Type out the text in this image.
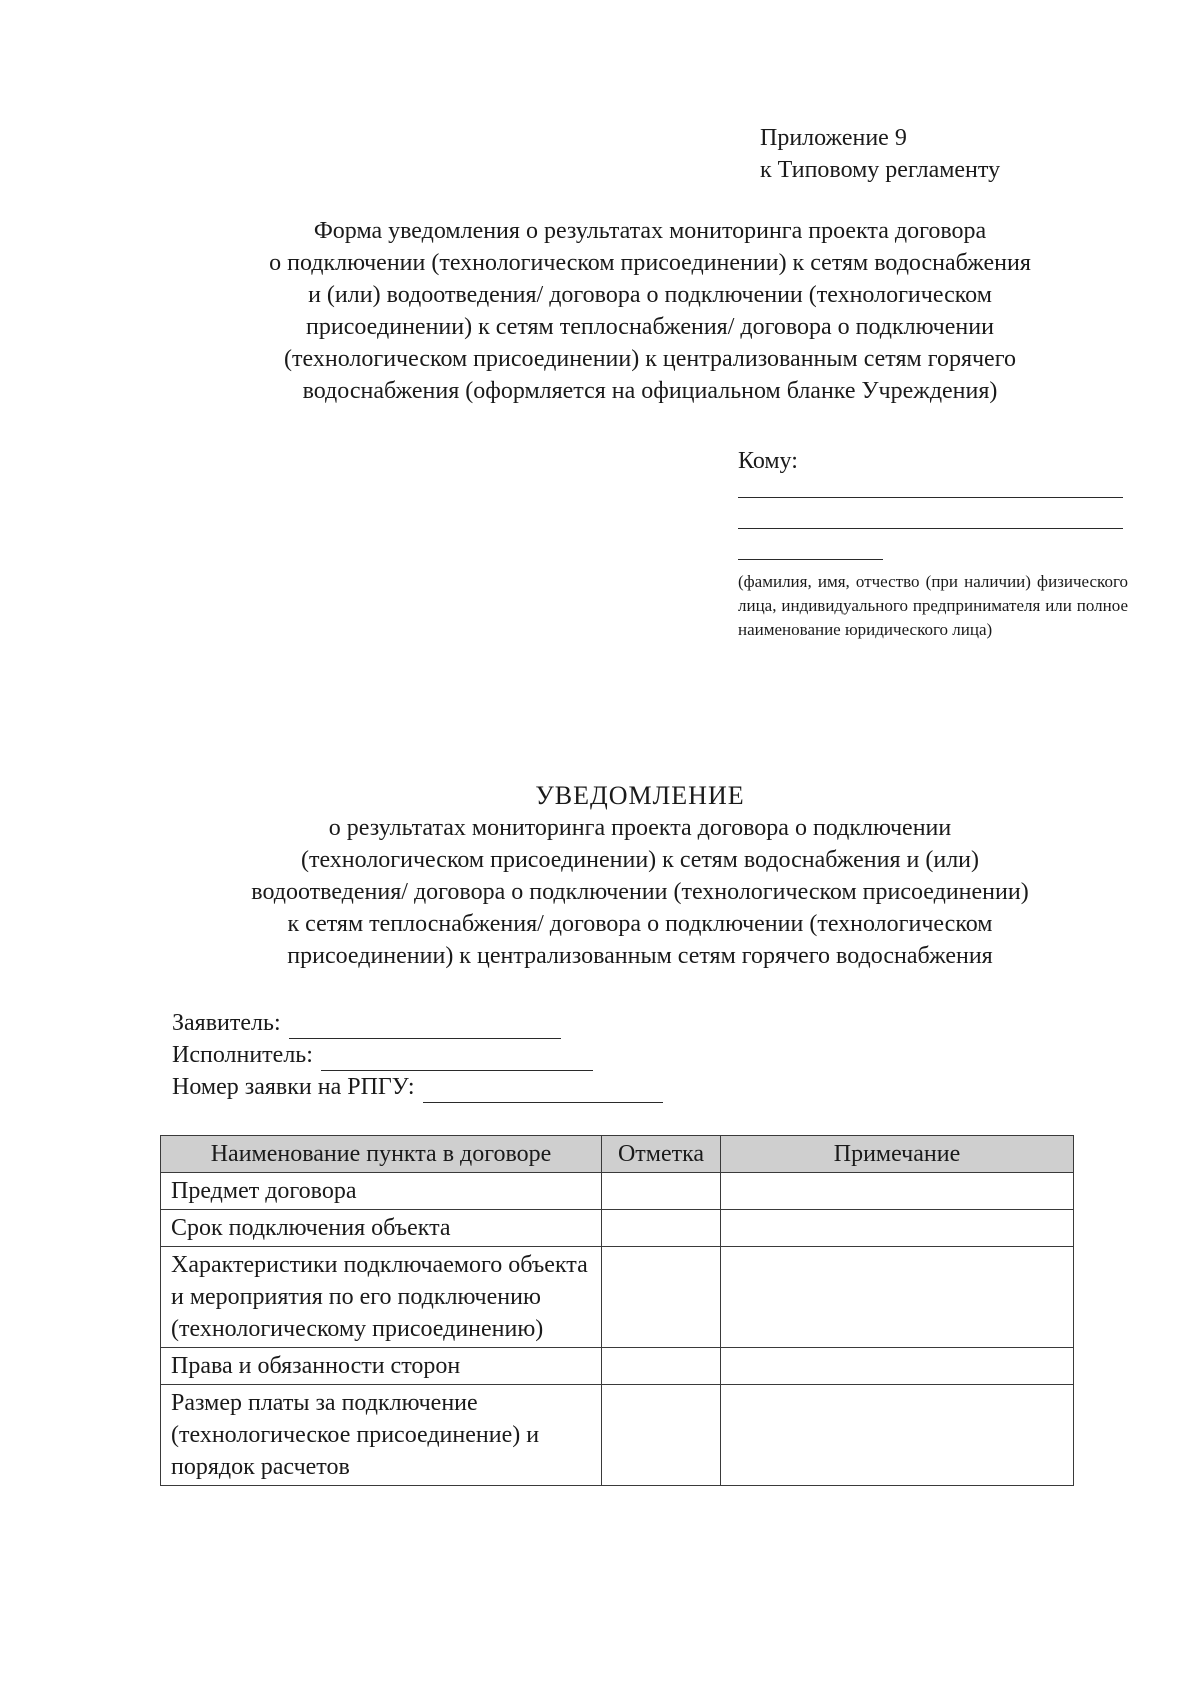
Приложение 9
к Типовому регламенту
Форма уведомления о результатах мониторинга проекта договора
о подключении (технологическом присоединении) к сетям водоснабжения
и (или) водоотведения/ договора о подключении (технологическом
присоединении) к сетям теплоснабжения/ договора о подключении
(технологическом присоединении) к централизованным сетям горячего
водоснабжения (оформляется на официальном бланке Учреждения)
Кому:
(фамилия, имя, отчество (при наличии) физического лица, индивидуального предпринимателя или полное наименование юридического лица)
УВЕДОМЛЕНИЕ
о результатах мониторинга проекта договора о подключении
(технологическом присоединении) к сетям водоснабжения и (или)
водоотведения/ договора о подключении (технологическом присоединении)
к сетям теплоснабжения/ договора о подключении (технологическом
присоединении) к централизованным сетям горячего водоснабжения
Заявитель:
Исполнитель:
Номер заявки на РПГУ:
Наименование пункта в договоре	Отметка	Примечание
Предмет договора		
Срок подключения объекта		
Характеристики подключаемого объекта и мероприятия по его подключению (технологическому присоединению)		
Права и обязанности сторон		
Размер платы за подключение (технологическое присоединение) и порядок расчетов		
